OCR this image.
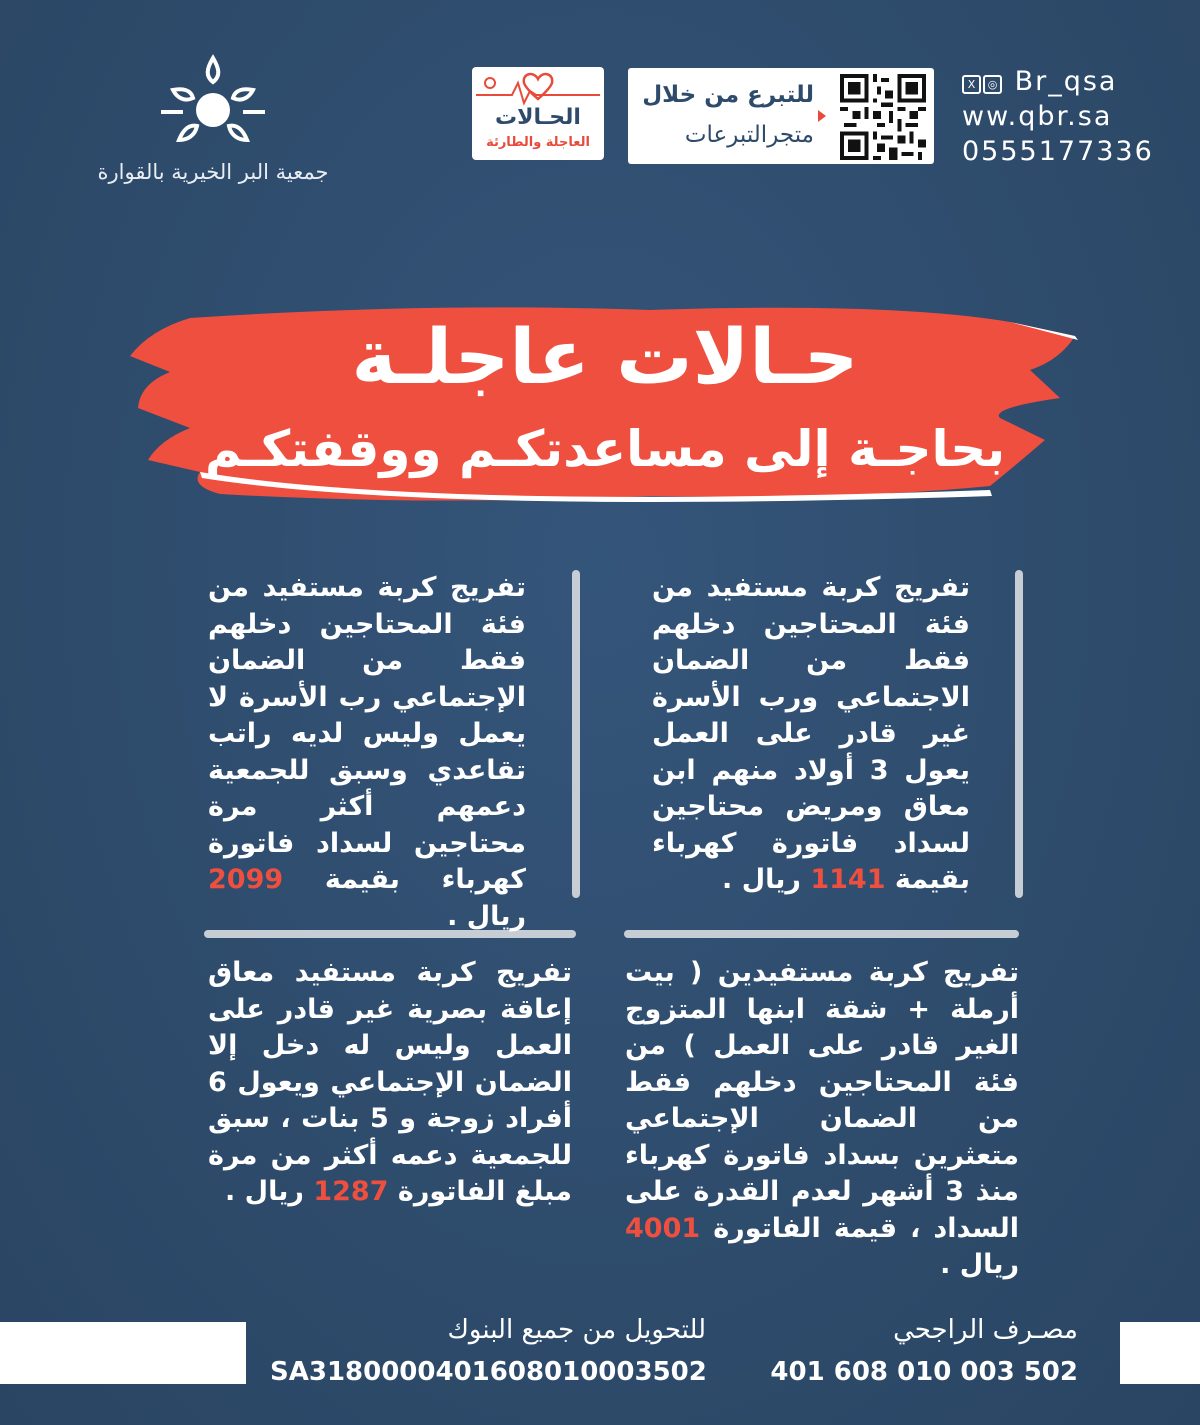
جمعية البر الخيرية بالقوارة
الحـالات
العاجلة والطارئة
للتبرع من خلال
متجرالتبرعات
X ◎ Br_qsa
ww.qbr.sa
0555177336
حـالات عاجلـة
بحاجـة إلى مساعدتكـم ووقفتكـم
تفريج كربة مستفيد من فئة المحتاجين دخلهم فقط من الضمان الاجتماعي ورب الأسرة غير قادر على العمل يعول 3 أولاد منهم ابن معاق ومريض محتاجين لسداد فاتورة كهرباء بقيمة 1141 ريال .
تفريج كربة مستفيد من فئة المحتاجين دخلهم فقط من الضمان الإجتماعي رب الأسرة لا يعمل وليس لديه راتب تقاعدي وسبق للجمعية دعمهم أكثر مرة محتاجين لسداد فاتورة كهرباء بقيمة 2099 ريال .
تفريج كربة مستفيدين ( بيت أرملة + شقة ابنها المتزوج الغير قادر على العمل ) من فئة المحتاجين دخلهم فقط من الضمان الإجتماعي متعثرين بسداد فاتورة كهرباء منذ 3 أشهر لعدم القدرة على السداد ، قيمة الفاتورة 4001 ريال .
تفريج كربة مستفيد معاق إعاقة بصرية غير قادر على العمل وليس له دخل إلا الضمان الإجتماعي ويعول 6 أفراد زوجة و 5 بنات ، سبق للجمعية دعمه أكثر من مرة مبلغ الفاتورة 1287 ريال .
للتحويل من جميع البنوك
SA3180000401608010003502
مصـرف الراجحي
401 608 010 003 502
